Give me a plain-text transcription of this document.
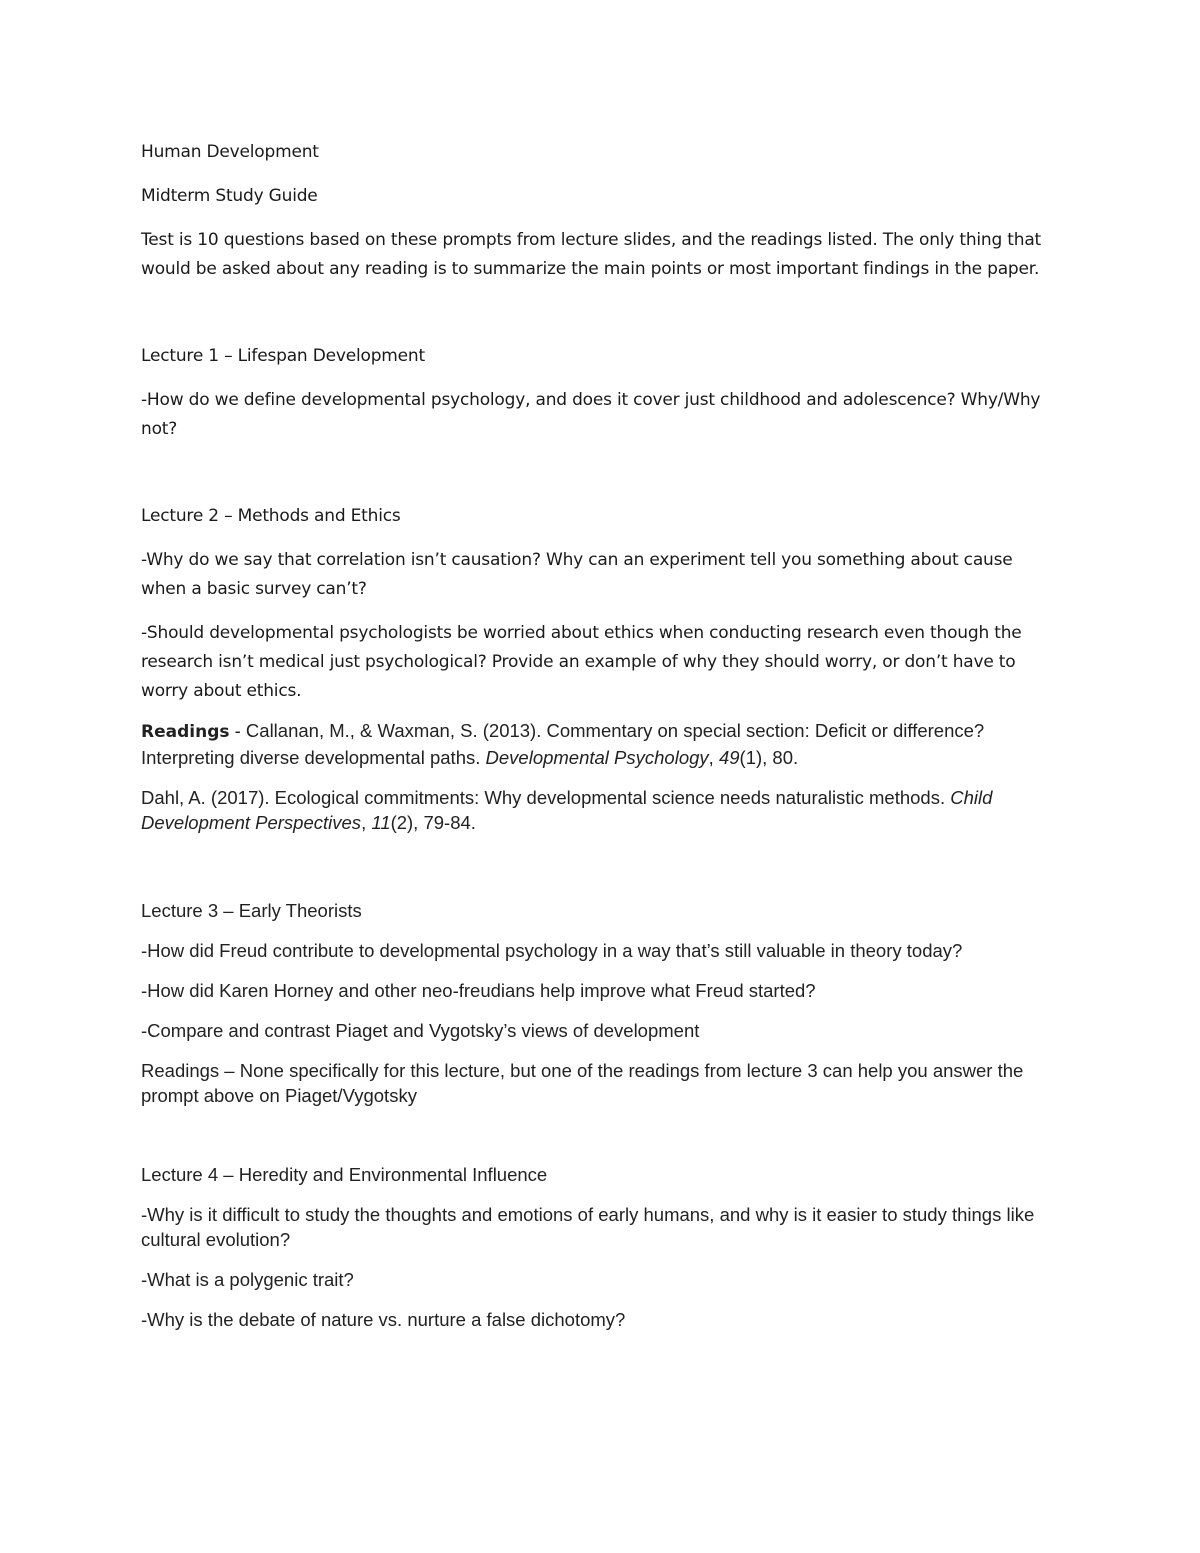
Human Development

Midterm Study Guide

Test is 10 questions based on these prompts from lecture slides, and the readings listed. The only thing that would be asked about any reading is to summarize the main points or most important findings in the paper.

Lecture 1 – Lifespan Development

-How do we define developmental psychology, and does it cover just childhood and adolescence? Why/Why not?

Lecture 2 – Methods and Ethics

-Why do we say that correlation isn’t causation? Why can an experiment tell you something about cause when a basic survey can’t?

-Should developmental psychologists be worried about ethics when conducting research even though the research isn’t medical just psychological? Provide an example of why they should worry, or don’t have to worry about ethics.

Readings - Callanan, M., & Waxman, S. (2013). Commentary on special section: Deficit or difference? Interpreting diverse developmental paths. Developmental Psychology, 49(1), 80.

Dahl, A. (2017). Ecological commitments: Why developmental science needs naturalistic methods. Child Development Perspectives, 11(2), 79-84.

Lecture 3 – Early Theorists

-How did Freud contribute to developmental psychology in a way that’s still valuable in theory today?

-How did Karen Horney and other neo-freudians help improve what Freud started?

-Compare and contrast Piaget and Vygotsky’s views of development

Readings – None specifically for this lecture, but one of the readings from lecture 3 can help you answer the prompt above on Piaget/Vygotsky

Lecture 4 – Heredity and Environmental Influence

-Why is it difficult to study the thoughts and emotions of early humans, and why is it easier to study things like cultural evolution?

-What is a polygenic trait?

-Why is the debate of nature vs. nurture a false dichotomy?
